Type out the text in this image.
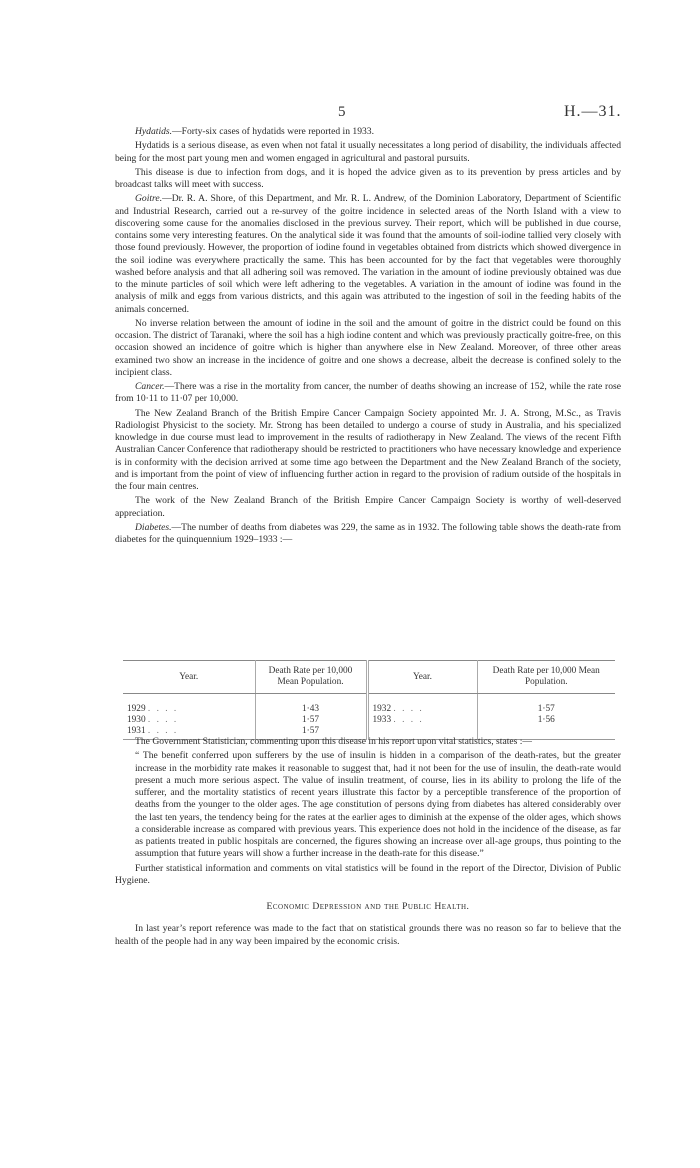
5	H.—31.

Hydatids.—Forty-six cases of hydatids were reported in 1933.

Hydatids is a serious disease, as even when not fatal it usually necessitates a long period of disability, the individuals affected being for the most part young men and women engaged in agricultural and pastoral pursuits.

This disease is due to infection from dogs, and it is hoped the advice given as to its prevention by press articles and by broadcast talks will meet with success.

Goitre.—Dr. R. A. Shore, of this Department, and Mr. R. L. Andrew, of the Dominion Laboratory, Department of Scientific and Industrial Research, carried out a re-survey of the goitre incidence in selected areas of the North Island with a view to discovering some cause for the anomalies disclosed in the previous survey. Their report, which will be published in due course, contains some very interesting features. On the analytical side it was found that the amounts of soil-iodine tallied very closely with those found previously. However, the proportion of iodine found in vegetables obtained from districts which showed divergence in the soil iodine was everywhere practically the same. This has been accounted for by the fact that vegetables were thoroughly washed before analysis and that all adhering soil was removed. The variation in the amount of iodine previously obtained was due to the minute particles of soil which were left adhering to the vegetables. A variation in the amount of iodine was found in the analysis of milk and eggs from various districts, and this again was attributed to the ingestion of soil in the feeding habits of the animals concerned.

No inverse relation between the amount of iodine in the soil and the amount of goitre in the district could be found on this occasion. The district of Taranaki, where the soil has a high iodine content and which was previously practically goitre-free, on this occasion showed an incidence of goitre which is higher than anywhere else in New Zealand. Moreover, of three other areas examined two show an increase in the incidence of goitre and one shows a decrease, albeit the decrease is confined solely to the incipient class.

Cancer.—There was a rise in the mortality from cancer, the number of deaths showing an increase of 152, while the rate rose from 10·11 to 11·07 per 10,000.

The New Zealand Branch of the British Empire Cancer Campaign Society appointed Mr. J. A. Strong, M.Sc., as Travis Radiologist Physicist to the society. Mr. Strong has been detailed to undergo a course of study in Australia, and his specialized knowledge in due course must lead to improvement in the results of radiotherapy in New Zealand. The views of the recent Fifth Australian Cancer Conference that radiotherapy should be restricted to practitioners who have necessary knowledge and experience is in conformity with the decision arrived at some time ago between the Department and the New Zealand Branch of the society, and is important from the point of view of influencing further action in regard to the provision of radium outside of the hospitals in the four main centres.

The work of the New Zealand Branch of the British Empire Cancer Campaign Society is worthy of well-deserved appreciation.

Diabetes.—The number of deaths from diabetes was 229, the same as in 1932. The following table shows the death-rate from diabetes for the quinquennium 1929–1933 :—

Year.	Death Rate per 10,000 Mean Population.	Year.	Death Rate per 10,000 Mean Population.

1929 . . . .	1·43	1932 . . . .	1·57
1930 . . . .	1·57	1933 . . . .	1·56
1931 . . . .	1·57		

The Government Statistician, commenting upon this disease in his report upon vital statistics, states :—

“ The benefit conferred upon sufferers by the use of insulin is hidden in a comparison of the death-rates, but the greater increase in the morbidity rate makes it reasonable to suggest that, had it not been for the use of insulin, the death-rate would present a much more serious aspect. The value of insulin treatment, of course, lies in its ability to prolong the life of the sufferer, and the mortality statistics of recent years illustrate this factor by a perceptible transference of the proportion of deaths from the younger to the older ages. The age constitution of persons dying from diabetes has altered considerably over the last ten years, the tendency being for the rates at the earlier ages to diminish at the expense of the older ages, which shows a considerable increase as compared with previous years. This experience does not hold in the incidence of the disease, as far as patients treated in public hospitals are concerned, the figures showing an increase over all-age groups, thus pointing to the assumption that future years will show a further increase in the death-rate for this disease.”

Further statistical information and comments on vital statistics will be found in the report of the Director, Division of Public Hygiene.

Economic Depression and the Public Health.

In last year’s report reference was made to the fact that on statistical grounds there was no reason so far to believe that the health of the people had in any way been impaired by the economic crisis.
